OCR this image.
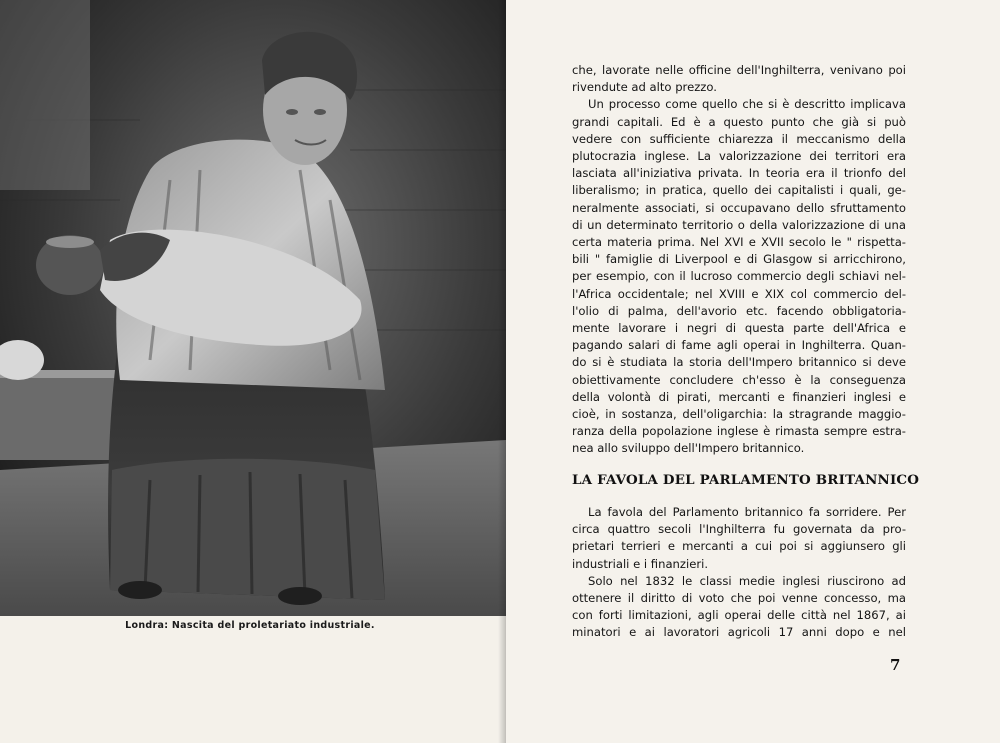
Londra: Nascita del proletariato industriale.
che, lavorate nelle officine dell'Inghilterra, venivano poi
rivendute ad alto prezzo.
Un processo come quello che si è descritto implicava
grandi capitali. Ed è a questo punto che già si può
vedere con sufficiente chiarezza il meccanismo della
plutocrazia inglese. La valorizzazione dei territori era
lasciata all'iniziativa privata. In teoria era il trionfo del
liberalismo; in pratica, quello dei capitalisti i quali, ge-
neralmente associati, si occupavano dello sfruttamento
di un determinato territorio o della valorizzazione di una
certa materia prima. Nel XVI e XVII secolo le " rispetta-
bili " famiglie di Liverpool e di Glasgow si arricchirono,
per esempio, con il lucroso commercio degli schiavi nel-
l'Africa occidentale; nel XVIII e XIX col commercio del-
l'olio di palma, dell'avorio etc. facendo obbligatoria-
mente lavorare i negri di questa parte dell'Africa e
pagando salari di fame agli operai in Inghilterra. Quan-
do si è studiata la storia dell'Impero britannico si deve
obiettivamente concludere ch'esso è la conseguenza
della volontà di pirati, mercanti e finanzieri inglesi e
cioè, in sostanza, dell'oligarchia: la stragrande maggio-
ranza della popolazione inglese è rimasta sempre estra-
nea allo sviluppo dell'Impero britannico.
LA FAVOLA DEL PARLAMENTO BRITANNICO
La favola del Parlamento britannico fa sorridere. Per
circa quattro secoli l'Inghilterra fu governata da pro-
prietari terrieri e mercanti a cui poi si aggiunsero gli
industriali e i finanzieri.
Solo nel 1832 le classi medie inglesi riuscirono ad
ottenere il diritto di voto che poi venne concesso, ma
con forti limitazioni, agli operai delle città nel 1867, ai
minatori e ai lavoratori agricoli 17 anni dopo e nel
7
